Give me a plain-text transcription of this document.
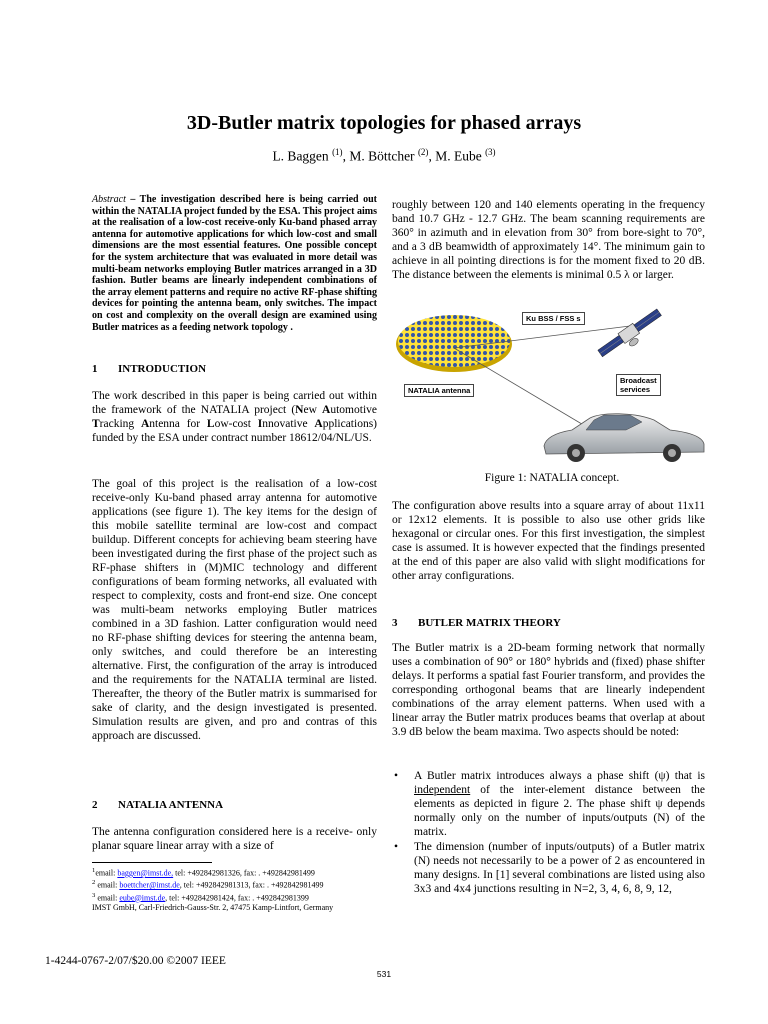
3D-Butler matrix topologies for phased arrays
L. Baggen $^{(1)}$, M. Böttcher $^{(2)}$, M. Eube $^{(3)}$
Abstract – The investigation described here is being carried out within the NATALIA project funded by the ESA. This project aims at the realisation of a low-cost receive-only Ku-band phased array antenna for automotive applications for which low-cost and small dimensions are the most essential features. One possible concept for the system architecture that was evaluated in more detail was multi-beam networks employing Butler matrices arranged in a 3D fashion. Butler beams are linearly independent combinations of the array element patterns and require no active RF-phase shifting devices for pointing the antenna beam, only switches. The impact on cost and complexity on the overall design are examined using Butler matrices as a feeding network topology .
1 INTRODUCTION
The work described in this paper is being carried out within the framework of the NATALIA project (New Automotive Tracking Antenna for Low-cost Innovative Applications) funded by the ESA under contract number 18612/04/NL/US.
The goal of this project is the realisation of a low-cost receive-only Ku-band phased array antenna for automotive applications (see figure 1). The key items for the design of this mobile satellite terminal are low-cost and compact buildup. Different concepts for achieving beam steering have been investigated during the first phase of the project such as RF-phase shifters in (M)MIC technology and different configurations of beam forming networks, all evaluated with respect to complexity, costs and front-end size. One concept was multi-beam networks employing Butler matrices combined in a 3D fashion. Latter configuration would need no RF-phase shifting devices for steering the antenna beam, only switches, and could therefore be an interesting alternative. First, the configuration of the array is introduced and the requirements for the NATALIA terminal are listed. Thereafter, the theory of the Butler matrix is summarised for sake of clarity, and the design investigated is presented. Simulation results are given, and pro and contras of this approach are discussed.
2 NATALIA ANTENNA
The antenna configuration considered here is a receive- only planar square linear array with a size of
$^1$email: baggen@imst.de, tel: +492842981326, fax: . +492842981499
$^2$ email: boettcher@imst.de, tel: +492842981313, fax: . +492842981499
$^3$ email: eube@imst.de, tel: +492842981424, fax: . +492842981399
IMST GmbH, Carl-Friedrich-Gauss-Str. 2, 47475 Kamp-Lintfort, Germany
roughly between 120 and 140 elements operating in the frequency band 10.7 GHz - 12.7 GHz. The beam scanning requirements are 360° in azimuth and in elevation from 30° from bore-sight to 70°, and a 3 dB beamwidth of approximately 14°. The minimum gain to achieve in all pointing directions is for the moment fixed to 20 dB. The distance between the elements is minimal 0.5 λ or larger.
Ku BSS / FSS s
NATALIA antenna
Broadcast
services
Figure 1: NATALIA concept.
The configuration above results into a square array of about 11x11 or 12x12 elements. It is possible to also use other grids like hexagonal or circular ones. For this first investigation, the simplest case is assumed. It is however expected that the findings presented at the end of this paper are also valid with slight modifications for other array configurations.
3 BUTLER MATRIX THEORY
The Butler matrix is a 2D-beam forming network that normally uses a combination of 90° or 180° hybrids and (fixed) phase shifter delays. It performs a spatial fast Fourier transform, and provides the corresponding orthogonal beams that are linearly independent combinations of the array element patterns. When used with a linear array the Butler matrix produces beams that overlap at about 3.9 dB below the beam maxima. Two aspects should be noted:
• A Butler matrix introduces always a phase shift (ψ) that is independent of the inter-element distance between the elements as depicted in figure 2. The phase shift ψ depends normally only on the number of inputs/outputs (N) of the matrix.
• The dimension (number of inputs/outputs) of a Butler matrix (N) needs not necessarily to be a power of 2 as encountered in many designs. In [1] several combinations are listed using also 3x3 and 4x4 junctions resulting in N=2, 3, 4, 6, 8, 9, 12,
1-4244-0767-2/07/$20.00 ©2007 IEEE
531
